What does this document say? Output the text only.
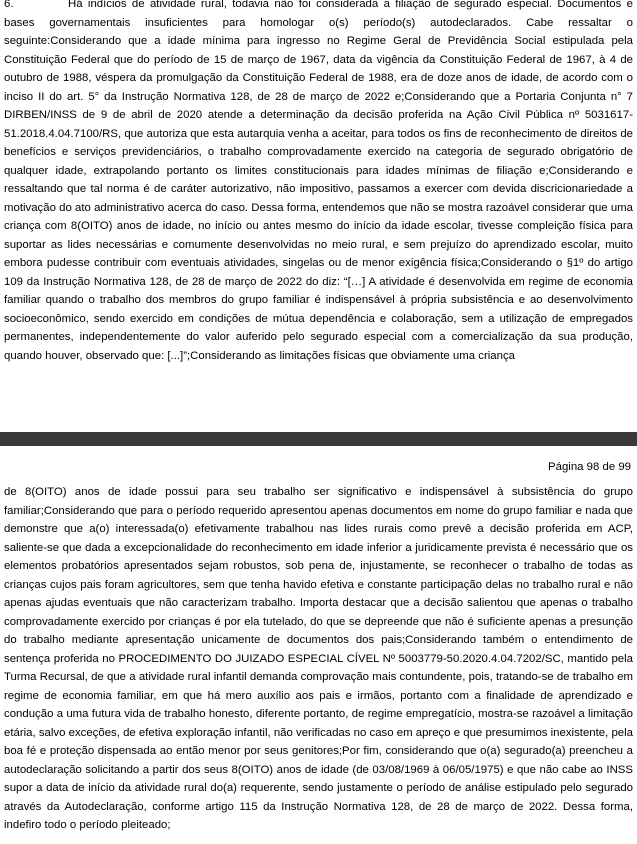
6.	Há indícios de atividade rural, todavia não foi considerada a filiação de segurado especial. Documentos e bases governamentais insuficientes para homologar o(s) período(s) autodeclarados. Cabe ressaltar o seguinte:Considerando que a idade mínima para ingresso no Regime Geral de Previdência Social estipulada pela Constituição Federal que do período de 15 de março de 1967, data da vigência da Constituição Federal de 1967, à 4 de outubro de 1988, véspera da promulgação da Constituição Federal de 1988, era de doze anos de idade, de acordo com o inciso II do art. 5° da Instrução Normativa 128, de 28 de março de 2022 e;Considerando que a Portaria Conjunta n° 7 DIRBEN/INSS de 9 de abril de 2020 atende a determinação da decisão proferida na Ação Civil Pública nº 5031617-51.2018.4.04.7100/RS, que autoriza que esta autarquia venha a aceitar, para todos os fins de reconhecimento de direitos de benefícios e serviços previdenciários, o trabalho comprovadamente exercido na categoria de segurado obrigatório de qualquer idade, extrapolando portanto os limites constitucionais para idades mínimas de filiação e;Considerando e ressaltando que tal norma é de caráter autorizativo, não impositivo, passamos a exercer com devida discricionariedade a motivação do ato administrativo acerca do caso. Dessa forma, entendemos que não se mostra razoável considerar que uma criança com 8(OITO) anos de idade, no início ou antes mesmo do início da idade escolar, tivesse compleição física para suportar as lides necessárias e comumente desenvolvidas no meio rural, e sem prejuízo do aprendizado escolar, muito embora pudesse contribuir com eventuais atividades, singelas ou de menor exigência física;Considerando o §1º do artigo 109 da Instrução Normativa 128, de 28 de março de 2022 do diz: “[…] A atividade é desenvolvida em regime de economia familiar quando o trabalho dos membros do grupo familiar é indispensável à própria subsistência e ao desenvolvimento socioeconômico, sendo exercido em condições de mútua dependência e colaboração, sem a utilização de empregados permanentes, independentemente do valor auferido pelo segurado especial com a comercialização da sua produção, quando houver, observado que: [...]”;Considerando as limitações físicas que obviamente uma criança

Página 98 de 99

de 8(OITO) anos de idade possui para seu trabalho ser significativo e indispensável à subsistência do grupo familiar;Considerando que para o período requerido apresentou apenas documentos em nome do grupo familiar e nada que demonstre que a(o) interessada(o) efetivamente trabalhou nas lides rurais como prevê a decisão proferida em ACP, saliente-se que dada a excepcionalidade do reconhecimento em idade inferior a juridicamente prevista é necessário que os elementos probatórios apresentados sejam robustos, sob pena de, injustamente, se reconhecer o trabalho de todas as crianças cujos pais foram agricultores, sem que tenha havido efetiva e constante participação delas no trabalho rural e não apenas ajudas eventuais que não caracterizam trabalho. Importa destacar que a decisão salientou que apenas o trabalho comprovadamente exercido por crianças é por ela tutelado, do que se depreende que não é suficiente apenas a presunção do trabalho mediante apresentação unicamente de documentos dos pais;Considerando também o entendimento de sentença proferida no PROCEDIMENTO DO JUIZADO ESPECIAL CÍVEL Nº 5003779-50.2020.4.04.7202/SC, mantido pela Turma Recursal, de que a atividade rural infantil demanda comprovação mais contundente, pois, tratando-se de trabalho em regime de economia familiar, em que há mero auxílio aos pais e irmãos, portanto com a finalidade de aprendizado e condução a uma futura vida de trabalho honesto, diferente portanto, de regime empregatício, mostra-se razoável a limitação etária, salvo exceções, de efetiva exploração infantil, não verificadas no caso em apreço e que presumimos inexistente, pela boa fé e proteção dispensada ao então menor por seus genitores;Por fim, considerando que o(a) segurado(a) preencheu a autodeclaração solicitando a partir dos seus 8(OITO) anos de idade (de 03/08/1969 à 06/05/1975) e que não cabe ao INSS supor a data de início da atividade rural do(a) requerente, sendo justamente o período de análise estipulado pelo segurado através da Autodeclaração, conforme artigo 115 da Instrução Normativa 128, de 28 de março de 2022. Dessa forma, indefiro todo o período pleiteado;
